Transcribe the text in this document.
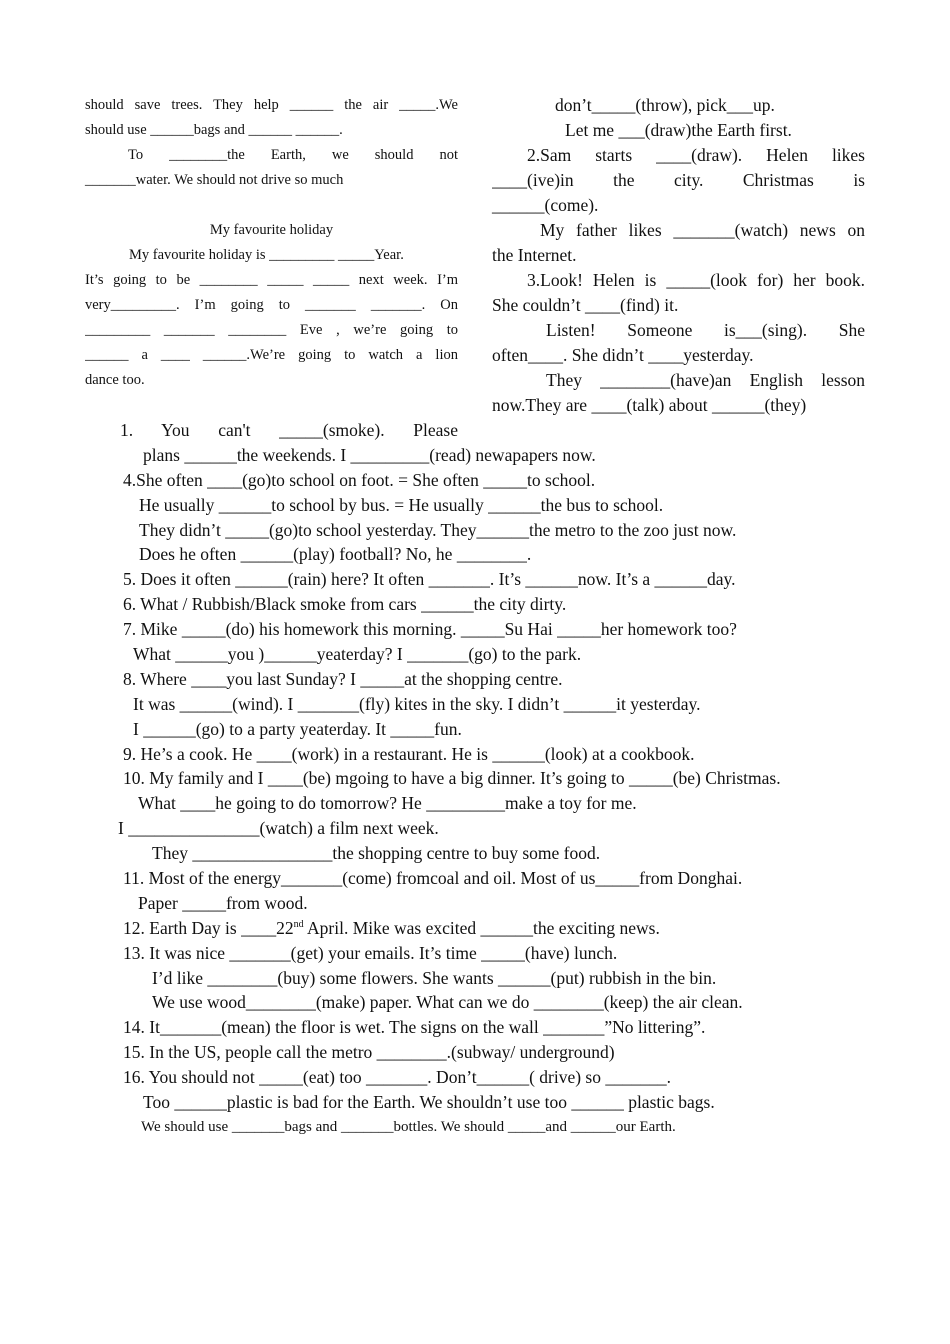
should save trees. They help ______ the air _____.We
should use ______bags and ______ ______.
To ________the Earth, we should not
_______water. We should not drive so much
My favourite holiday
My favourite holiday is _________ _____Year.
It’s going to be ________ _____ _____ next week. I’m
very_________. I’m going to _______ _______. On
_________ _______ ________ Eve , we’re going to
______ a ____ ______.We’re going to watch a lion
dance too.
don’t_____(throw), pick___up.
Let me ___(draw)the Earth first.
2.Sam starts ____(draw). Helen likes
____(ive)in the city. Christmas is
______(come).
My father likes _______(watch) news on
the Internet.
3.Look! Helen is _____(look for) her book.
She couldn’t ____(find) it.
Listen! Someone is___(sing). She
often____. She didn’t ____yesterday.
They ________(have)an English lesson
now.They are ____(talk) about ______(they)
1. You can't _____(smoke). Please
plans ______the weekends. I _________(read) newapapers now.
4.She often ____(go)to school on foot. = She often _____to school.
He usually ______to school by bus. = He usually ______the bus to school.
They didn’t _____(go)to school yesterday. They______the metro to the zoo just now.
Does he often ______(play) football? No, he ________.
5. Does it often ______(rain) here? It often _______. It’s ______now. It’s a ______day.
6. What / Rubbish/Black smoke from cars ______the city dirty.
7. Mike _____(do) his homework this morning. _____Su Hai _____her homework too?
What ______you )______yeaterday? I _______(go) to the park.
8. Where ____you last Sunday? I _____at the shopping centre.
It was ______(wind). I _______(fly) kites in the sky. I didn’t ______it yesterday.
I ______(go) to a party yeaterday. It _____fun.
9. He’s a cook. He ____(work) in a restaurant. He is ______(look) at a cookbook.
10. My family and I ____(be) mgoing to have a big dinner. It’s going to _____(be) Christmas.
What ____he going to do tomorrow? He _________make a toy for me.
I _______________(watch) a film next week.
They ________________the shopping centre to buy some food.
11. Most of the energy_______(come) fromcoal and oil. Most of us_____from Donghai.
Paper _____from wood.
12. Earth Day is ____22nd April. Mike was excited ______the exciting news.
13. It was nice _______(get) your emails. It’s time _____(have) lunch.
I’d like ________(buy) some flowers. She wants ______(put) rubbish in the bin.
We use wood________(make) paper. What can we do ________(keep) the air clean.
14. It_______(mean) the floor is wet. The signs on the wall _______”No littering”.
15. In the US, people call the metro ________.(subway/ underground)
16. You should not _____(eat) too _______. Don’t______( drive) so _______.
Too ______plastic is bad for the Earth. We shouldn’t use too ______ plastic bags.
We should use _______bags and _______bottles. We should _____and ______our Earth.
